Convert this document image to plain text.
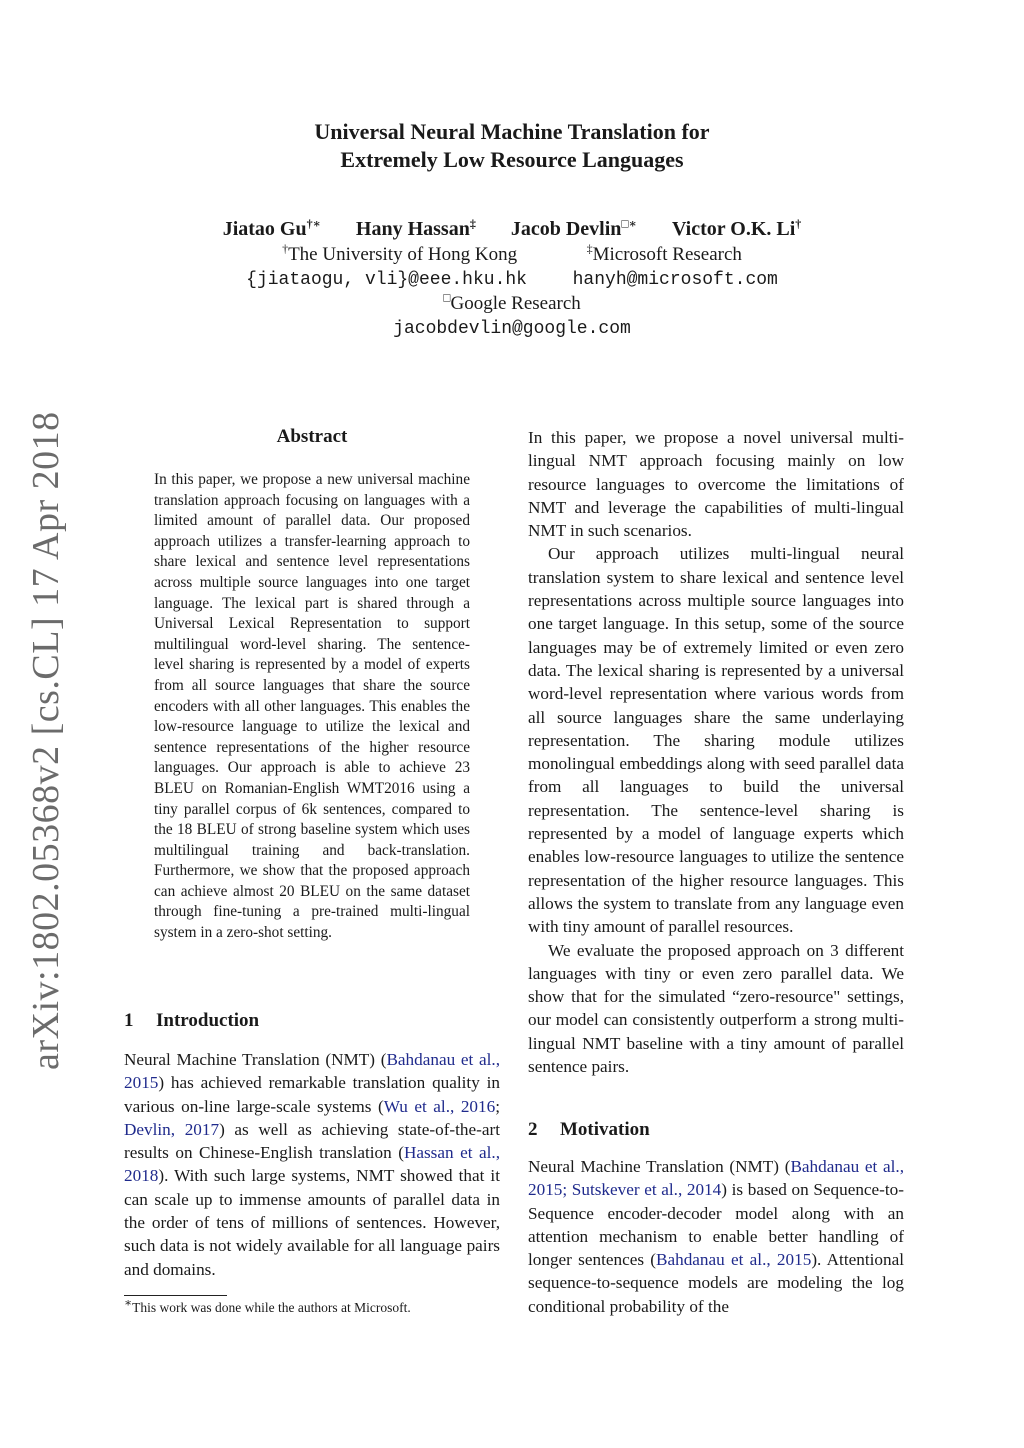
Universal Neural Machine Translation for
Extremely Low Resource Languages
Jiatao Gu†∗ Hany Hassan‡ Jacob Devlin□∗ Victor O.K. Li†
†The University of Hong Kong	‡Microsoft Research
{jiataogu, vli}@eee.hku.hk	hanyh@microsoft.com
□Google Research
jacobdevlin@google.com
arXiv:1802.05368v2 [cs.CL] 17 Apr 2018	Abstract
In this paper, we propose a new universal machine translation approach focusing on languages with a limited amount of parallel data. Our proposed approach utilizes a transfer-learning approach to share lexical and sentence level representations across multiple source languages into one target language. The lexical part is shared through a Universal Lexical Representation to support multilingual word-level sharing. The sentence-level sharing is represented by a model of experts from all source languages that share the source encoders with all other languages. This enables the low-resource language to utilize the lexical and sentence representations of the higher resource languages. Our approach is able to achieve 23 BLEU on Romanian-English WMT2016 using a tiny parallel corpus of 6k sentences, compared to the 18 BLEU of strong baseline system which uses multilingual training and back-translation. Furthermore, we show that the proposed approach can achieve almost 20 BLEU on the same dataset through fine-tuning a pre-trained multi-lingual system in a zero-shot setting.
1 Introduction

Neural Machine Translation (NMT) (Bahdanau et al., 2015) has achieved remarkable translation quality in various on-line large-scale systems (Wu et al., 2016; Devlin, 2017) as well as achieving state-of-the-art results on Chinese-English translation (Hassan et al., 2018). With such large systems, NMT showed that it can scale up to immense amounts of parallel data in the order of tens of millions of sentences. However, such data is not widely available for all language pairs and domains.

∗This work was done while the authors at Microsoft.

In this paper, we propose a novel universal multi-lingual NMT approach focusing mainly on low resource languages to overcome the limitations of NMT and leverage the capabilities of multi-lingual NMT in such scenarios.

Our approach utilizes multi-lingual neural translation system to share lexical and sentence level representations across multiple source languages into one target language. In this setup, some of the source languages may be of extremely limited or even zero data. The lexical sharing is represented by a universal word-level representation where various words from all source languages share the same underlaying representation. The sharing module utilizes monolingual embeddings along with seed parallel data from all languages to build the universal representation. The sentence-level sharing is represented by a model of language experts which enables low-resource languages to utilize the sentence representation of the higher resource languages. This allows the system to translate from any language even with tiny amount of parallel resources.

We evaluate the proposed approach on 3 different languages with tiny or even zero parallel data. We show that for the simulated “zero-resource" settings, our model can consistently outperform a strong multi-lingual NMT baseline with a tiny amount of parallel sentence pairs.

2 Motivation

Neural Machine Translation (NMT) (Bahdanau et al., 2015; Sutskever et al., 2014) is based on Sequence-to-Sequence encoder-decoder model along with an attention mechanism to enable better handling of longer sentences (Bahdanau et al., 2015). Attentional sequence-to-sequence models are modeling the log conditional probability of the
